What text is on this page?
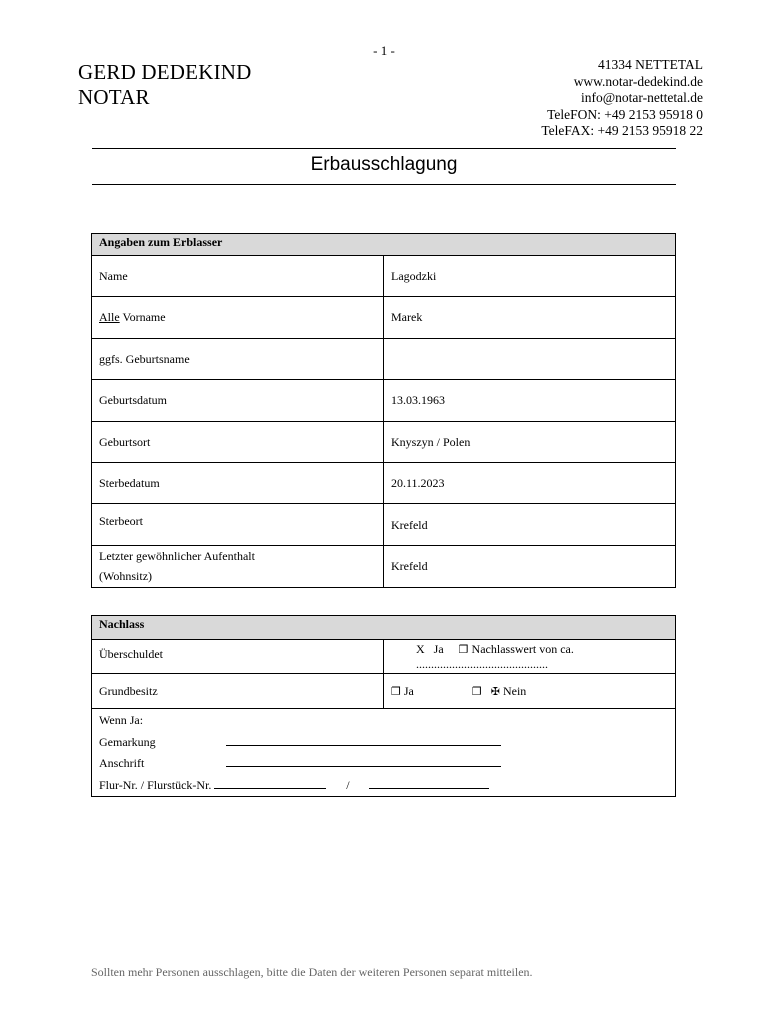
- 1 -
GERD DEDEKIND
NOTAR
41334 NETTETAL
www.notar-dedekind.de
info@notar-nettetal.de
TeleFON: +49 2153 95918 0
TeleFAX: +49 2153 95918 22
Erbausschlagung
Angaben zum Erblasser	
Name	Lagodzki
Alle Vorname	Marek
ggfs. Geburtsname	
Geburtsdatum	13.03.1963
Geburtsort	Knyszyn / Polen
Sterbedatum	20.11.2023
Sterbeort	Krefeld

Letzter gewöhnlicher Aufenthalt
(Wohnsitz)	Krefeld
Nachlass	
Überschuldet	X Ja ❐ Nachlasswert von ca. ............................................
Grundbesitz	❐ Ja ❐ ✠ Nein

Wenn Ja:
Gemarkung
Anschrift
Flur-Nr. / Flurstück-Nr. /	
Sollten mehr Personen ausschlagen, bitte die Daten der weiteren Personen separat mitteilen.
